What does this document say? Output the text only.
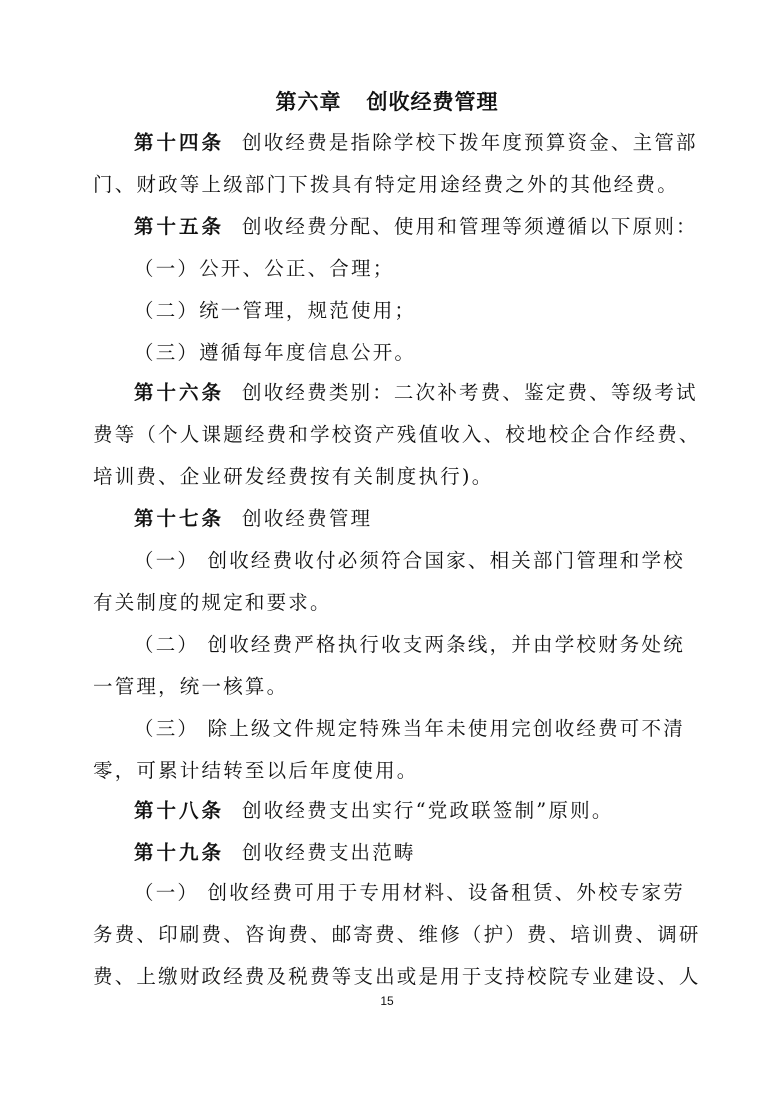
第六章   创收经费管理
第十四条 创收经费是指除学校下拨年度预算资金、主管部
门、财政等上级部门下拨具有特定用途经费之外的其他经费。
第十五条 创收经费分配、使用和管理等须遵循以下原则：
（一）公开、公正、合理；
（二）统一管理，规范使用；
（三）遵循每年度信息公开。
第十六条 创收经费类别：二次补考费、鉴定费、等级考试
费等（个人课题经费和学校资产残值收入、校地校企合作经费、
培训费、企业研发经费按有关制度执行)。
第十七条 创收经费管理
（一） 创收经费收付必须符合国家、相关部门管理和学校
有关制度的规定和要求。
（二） 创收经费严格执行收支两条线，并由学校财务处统
一管理，统一核算。
（三） 除上级文件规定特殊当年未使用完创收经费可不清
零，可累计结转至以后年度使用。
第十八条 创收经费支出实行“党政联签制”原则。
第十九条 创收经费支出范畴
（一） 创收经费可用于专用材料、设备租赁、外校专家劳
务费、印刷费、咨询费、邮寄费、维修（护）费、培训费、调研
费、上缴财政经费及税费等支出或是用于支持校院专业建设、人
15
